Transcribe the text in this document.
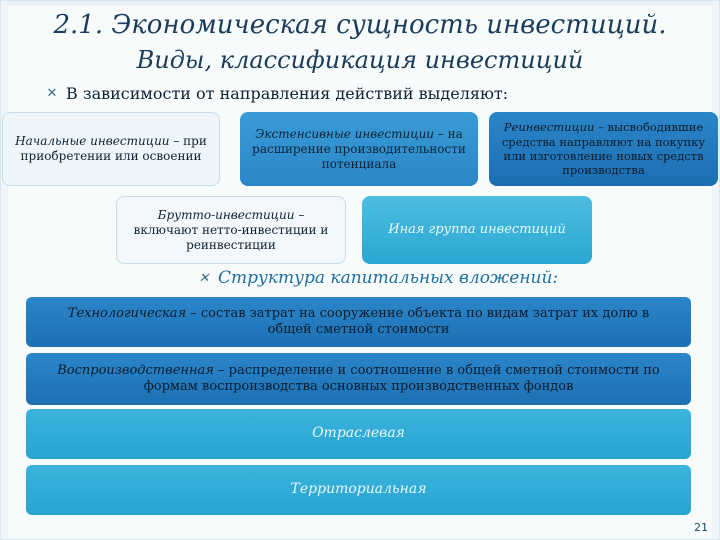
2.1. Экономическая сущность инвестиций.
Виды, классификация инвестиций
✕ В зависимости от направления действий выделяют:
Начальные инвестиции – при приобретении или освоении
Экстенсивные инвестиции – на расширение производительности потенциала
Реинвестиции – высвободившие средства направляют на покупку или изготовление новых средств производства
Брутто-инвестиции – включают нетто-инвестиции и реинвестиции
Иная группа инвестиций
✕ Структура капитальных вложений:
Технологическая – состав затрат на сооружение объекта по видам затрат их долю в общей сметной стоимости
Воспроизводственная – распределение и соотношение в общей сметной стоимости по формам воспроизводства основных производственных фондов
Отраслевая
Территориальная
21
